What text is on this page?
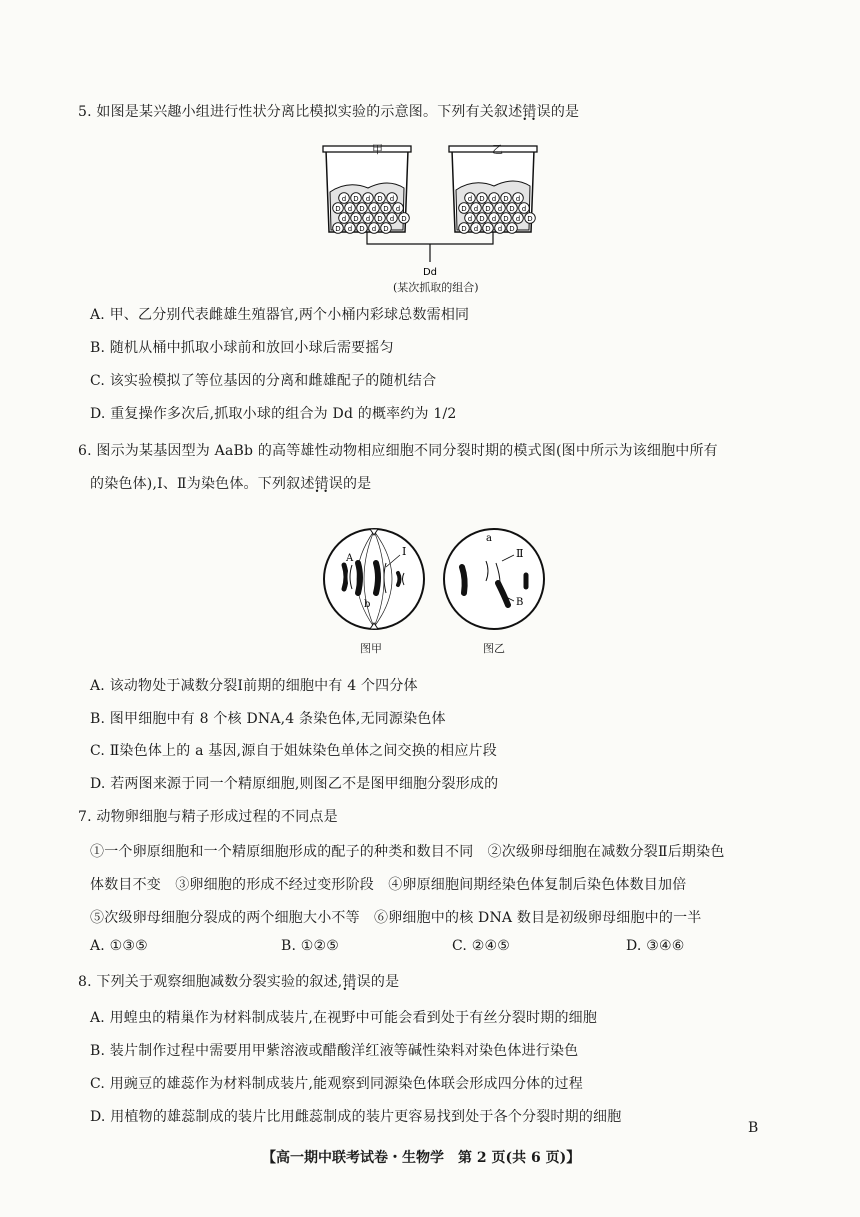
5. 如图是某兴趣小组进行性状分离比模拟实验的示意图。下列有关叙述错误 • •的是
d D d D d
D d D d D d
d D d D d D
D d D d D
d D d D d
D d D d D d
d D d D d D
D d D d D
Dd
甲	乙
(某次抓取的组合)
A. 甲、乙分别代表雌雄生殖器官,两个小桶内彩球总数需相同
B. 随机从桶中抓取小球前和放回小球后需要摇匀
C. 该实验模拟了等位基因的分离和雌雄配子的随机结合
D. 重复操作多次后,抓取小球的组合为 Dd 的概率约为 1/2
6. 图示为某基因型为 AaBb 的高等雄性动物相应细胞不同分裂时期的模式图(图中所示为该细胞中所有
的染色体),Ⅰ、Ⅱ为染色体。下列叙述错误 • •的是
A
b
Ⅰ
图甲
a
Ⅱ
B
图乙
A. 该动物处于减数分裂Ⅰ前期的细胞中有 4 个四分体
B. 图甲细胞中有 8 个核 DNA,4 条染色体,无同源染色体
C. Ⅱ染色体上的 a 基因,源自于姐妹染色单体之间交换的相应片段
D. 若两图来源于同一个精原细胞,则图乙不是图甲细胞分裂形成的
7. 动物卵细胞与精子形成过程的不同点是
①一个卵原细胞和一个精原细胞形成的配子的种类和数目不同　②次级卵母细胞在减数分裂Ⅱ后期染色
体数目不变　③卵细胞的形成不经过变形阶段　④卵原细胞间期经染色体复制后染色体数目加倍
⑤次级卵母细胞分裂成的两个细胞大小不等　⑥卵细胞中的核 DNA 数目是初级卵母细胞中的一半
A. ①③⑤	B. ①②⑤	C. ②④⑤	D. ③④⑥
8. 下列关于观察细胞减数分裂实验的叙述,错误 • •的是
A. 用蝗虫的精巢作为材料制成装片,在视野中可能会看到处于有丝分裂时期的细胞
B. 装片制作过程中需要用甲紫溶液或醋酸洋红液等碱性染料对染色体进行染色
C. 用豌豆的雄蕊作为材料制成装片,能观察到同源染色体联会形成四分体的过程
D. 用植物的雄蕊制成的装片比用雌蕊制成的装片更容易找到处于各个分裂时期的细胞
【高一期中联考试卷・生物学　第 2 页(共 6 页)】
B
